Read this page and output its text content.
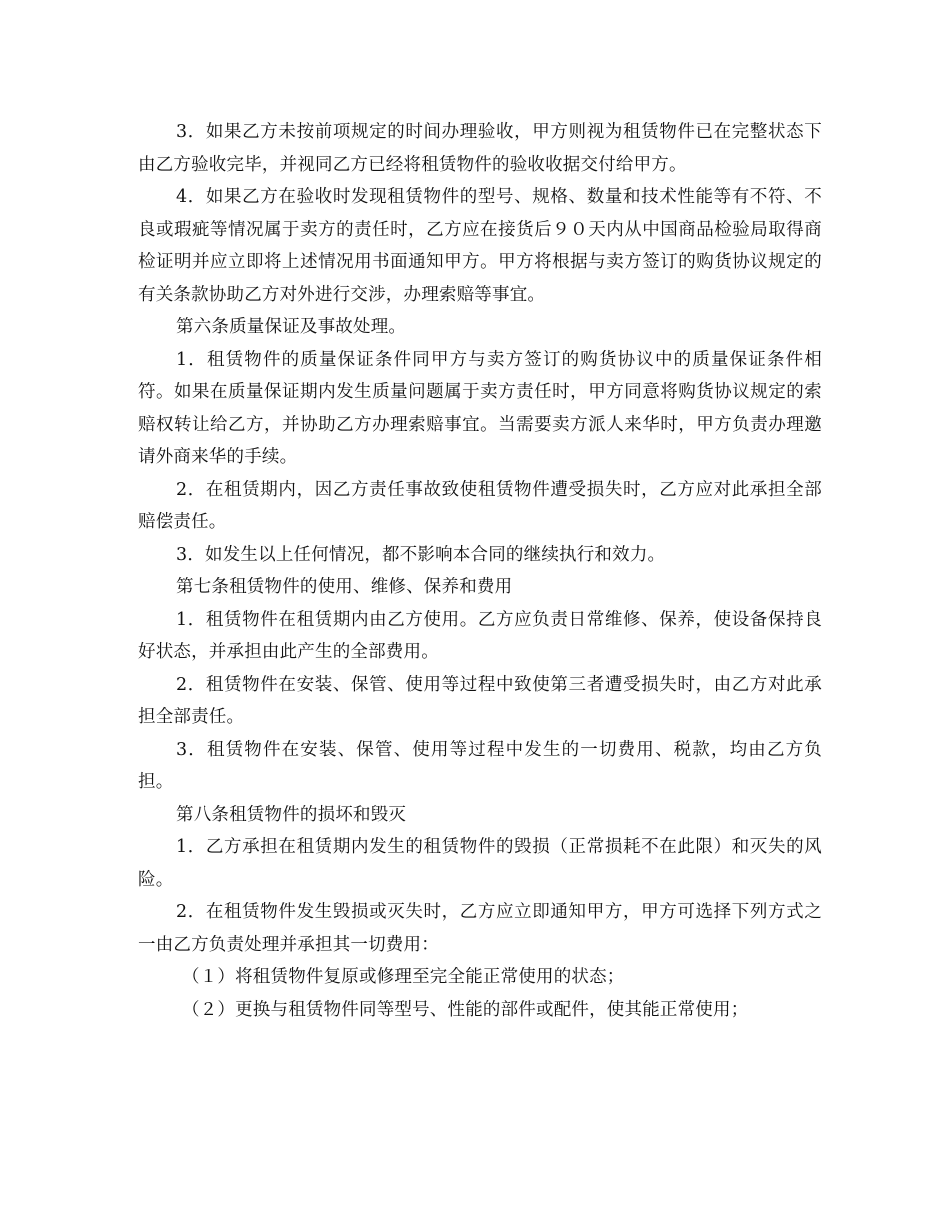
3．如果乙方未按前项规定的时间办理验收，甲方则视为租赁物件已在完整状态下由乙方验收完毕，并视同乙方已经将租赁物件的验收收据交付给甲方。

4．如果乙方在验收时发现租赁物件的型号、规格、数量和技术性能等有不符、不良或瑕疵等情况属于卖方的责任时，乙方应在接货后９０天内从中国商品检验局取得商检证明并应立即将上述情况用书面通知甲方。甲方将根据与卖方签订的购货协议规定的有关条款协助乙方对外进行交涉，办理索赔等事宜。

第六条质量保证及事故处理。

1．租赁物件的质量保证条件同甲方与卖方签订的购货协议中的质量保证条件相符。如果在质量保证期内发生质量问题属于卖方责任时，甲方同意将购货协议规定的索赔权转让给乙方，并协助乙方办理索赔事宜。当需要卖方派人来华时，甲方负责办理邀请外商来华的手续。

2．在租赁期内，因乙方责任事故致使租赁物件遭受损失时，乙方应对此承担全部赔偿责任。

3．如发生以上任何情况，都不影响本合同的继续执行和效力。

第七条租赁物件的使用、维修、保养和费用

1．租赁物件在租赁期内由乙方使用。乙方应负责日常维修、保养，使设备保持良好状态，并承担由此产生的全部费用。

2．租赁物件在安装、保管、使用等过程中致使第三者遭受损失时，由乙方对此承担全部责任。

3．租赁物件在安装、保管、使用等过程中发生的一切费用、税款，均由乙方负担。

第八条租赁物件的损坏和毁灭

1．乙方承担在租赁期内发生的租赁物件的毁损（正常损耗不在此限）和灭失的风险。

2．在租赁物件发生毁损或灭失时，乙方应立即通知甲方，甲方可选择下列方式之一由乙方负责处理并承担其一切费用：

（１）将租赁物件复原或修理至完全能正常使用的状态；

（２）更换与租赁物件同等型号、性能的部件或配件，使其能正常使用；
